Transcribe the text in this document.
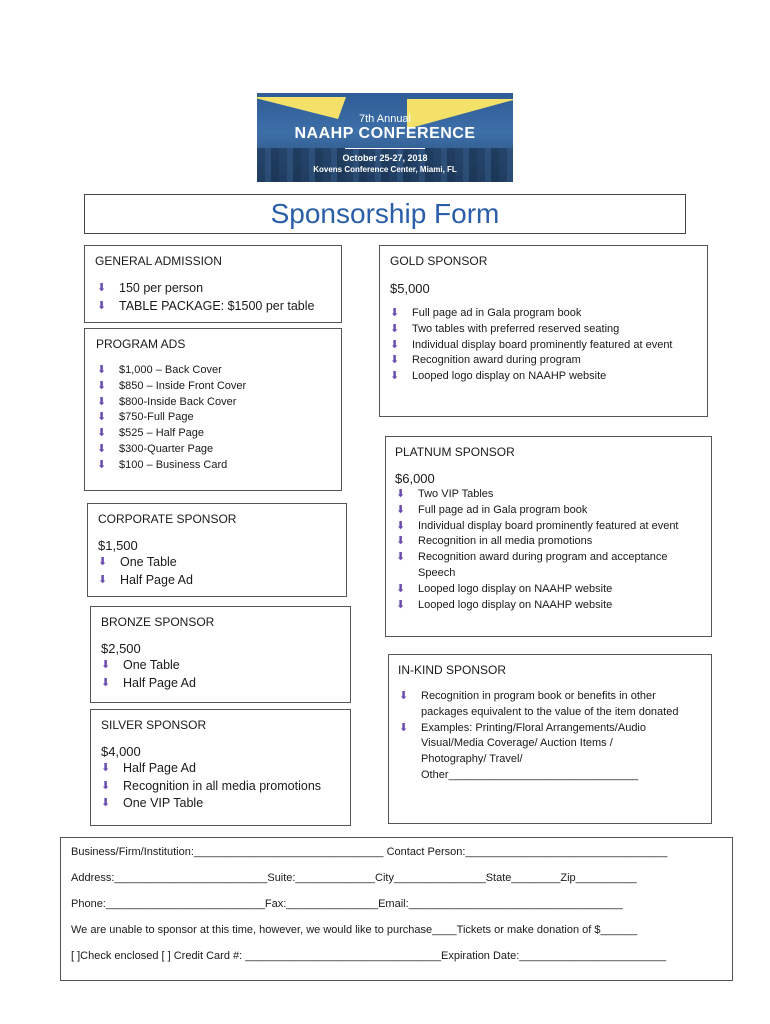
7th Annual
NAAHP CONFERENCE
October 25-27, 2018
Kovens Conference Center, Miami, FL
Sponsorship Form
GENERAL ADMISSION
⬇ 150 per person
⬇ TABLE PACKAGE: $1500 per table
PROGRAM ADS
⬇ $1,000 – Back Cover
⬇ $850 – Inside Front Cover
⬇ $800-Inside Back Cover
⬇ $750-Full Page
⬇ $525 – Half Page
⬇ $300-Quarter Page
⬇ $100 – Business Card
CORPORATE SPONSOR
$1,500
⬇ One Table
⬇ Half Page Ad
BRONZE SPONSOR
$2,500
⬇ One Table
⬇ Half Page Ad
SILVER SPONSOR
$4,000
⬇ Half Page Ad
⬇ Recognition in all media promotions
⬇ One VIP Table
GOLD SPONSOR
$5,000
⬇ Full page ad in Gala program book
⬇ Two tables with preferred reserved seating
⬇ Individual display board prominently featured at event
⬇ Recognition award during program
⬇ Looped logo display on NAAHP website
PLATNUM SPONSOR
$6,000
⬇ Two VIP Tables
⬇ Full page ad in Gala program book
⬇ Individual display board prominently featured at event
⬇ Recognition in all media promotions
⬇ Recognition award during program and acceptance Speech
⬇ Looped logo display on NAAHP website
⬇ Looped logo display on NAAHP website
IN-KIND SPONSOR
⬇ Recognition in program book or benefits in other packages equivalent to the value of the item donated
⬇ Examples: Printing/Floral Arrangements/Audio Visual/Media Coverage/ Auction Items / Photography/ Travel/ Other_______________________________
Business/Firm/Institution:_______________________________ Contact Person:_________________________________
Address:_________________________Suite:_____________City_______________State________Zip__________
Phone:__________________________Fax:_______________Email:___________________________________
We are unable to sponsor at this time, however, we would like to purchase____Tickets or make donation of $______
[ ]Check enclosed [ ] Credit Card #: ________________________________Expiration Date:________________________
